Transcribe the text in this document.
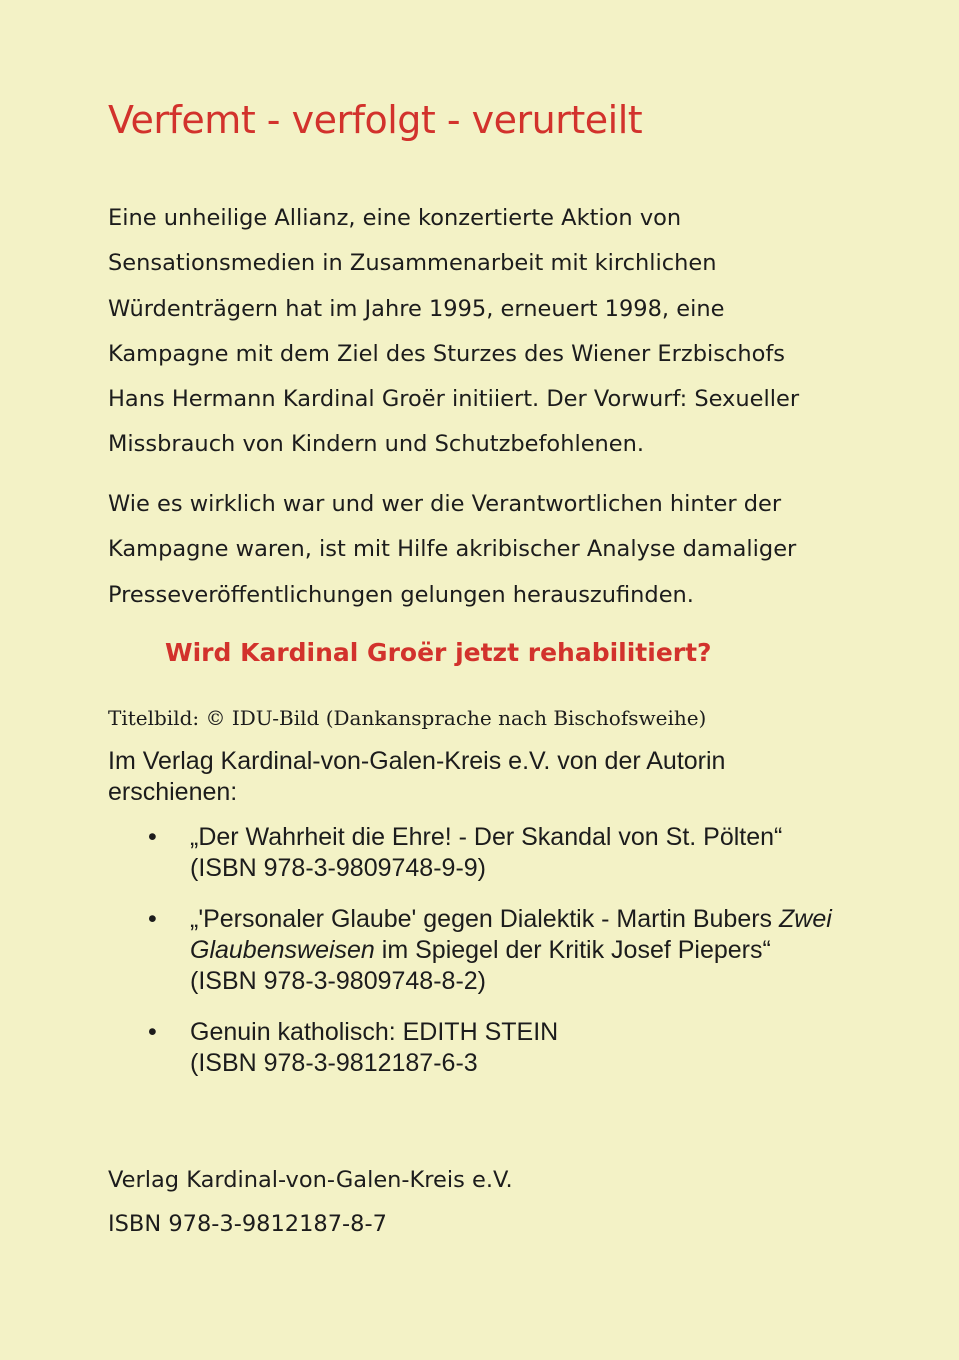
Verfemt - verfolgt - verurteilt
Eine unheilige Allianz, eine konzertierte Aktion von
Sensationsmedien in Zusammenarbeit mit kirchlichen
Würdenträgern hat im Jahre 1995, erneuert 1998, eine
Kampagne mit dem Ziel des Sturzes des Wiener Erzbischofs
Hans Hermann Kardinal Groër initiiert. Der Vorwurf: Sexueller
Missbrauch von Kindern und Schutzbefohlenen.
Wie es wirklich war und wer die Verantwortlichen hinter der
Kampagne waren, ist mit Hilfe akribischer Analyse damaliger
Presseveröffentlichungen gelungen herauszufinden.
Wird Kardinal Groër jetzt rehabilitiert?
Titelbild: © IDU-Bild (Dankansprache nach Bischofsweihe)
Im Verlag Kardinal-von-Galen-Kreis e.V. von der Autorin
erschienen:
• „Der Wahrheit die Ehre! - Der Skandal von St. Pölten“
(ISBN 978-3-9809748-9-9)
• „'Personaler Glaube' gegen Dialektik - Martin Bubers Zwei
Glaubensweisen im Spiegel der Kritik Josef Piepers“
(ISBN 978-3-9809748-8-2)
• Genuin katholisch: EDITH STEIN
(ISBN 978-3-9812187-6-3
Verlag Kardinal-von-Galen-Kreis e.V.
ISBN 978-3-9812187-8-7
